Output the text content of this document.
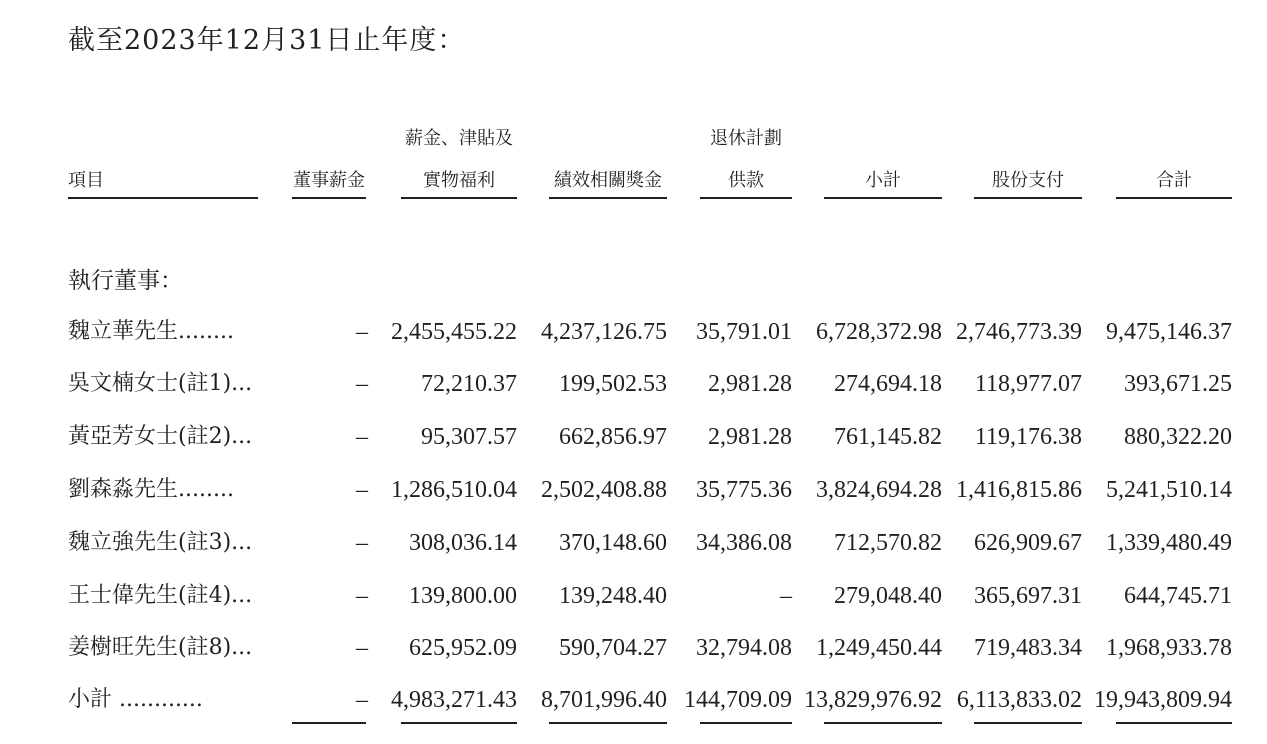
截至2023年12月31日止年度：
項目	董事薪金
薪金、津貼及
實物福利	績效相關獎金
退休計劃
供款	小計	股份支付	合計
執行董事：
魏立華先生........	– 2,455,455.22 4,237,126.75 35,791.01 6,728,372.98 2,746,773.39 9,475,146.37
吳文楠女士(註1)...	– 72,210.37 199,502.53 2,981.28 274,694.18 118,977.07 393,671.25
黃亞芳女士(註2)...	– 95,307.57 662,856.97 2,981.28 761,145.82 119,176.38 880,322.20
劉森淼先生........	– 1,286,510.04 2,502,408.88 35,775.36 3,824,694.28 1,416,815.86 5,241,510.14
魏立強先生(註3)...	– 308,036.14 370,148.60 34,386.08 712,570.82 626,909.67 1,339,480.49
王士偉先生(註4)...	– 139,800.00 139,248.40	– 279,048.40 365,697.31 644,745.71
姜樹旺先生(註8)...	– 625,952.09 590,704.27 32,794.08 1,249,450.44 719,483.34 1,968,933.78
小計 ............	– 4,983,271.43 8,701,996.40 144,709.09 13,829,976.92 6,113,833.02 19,943,809.94
